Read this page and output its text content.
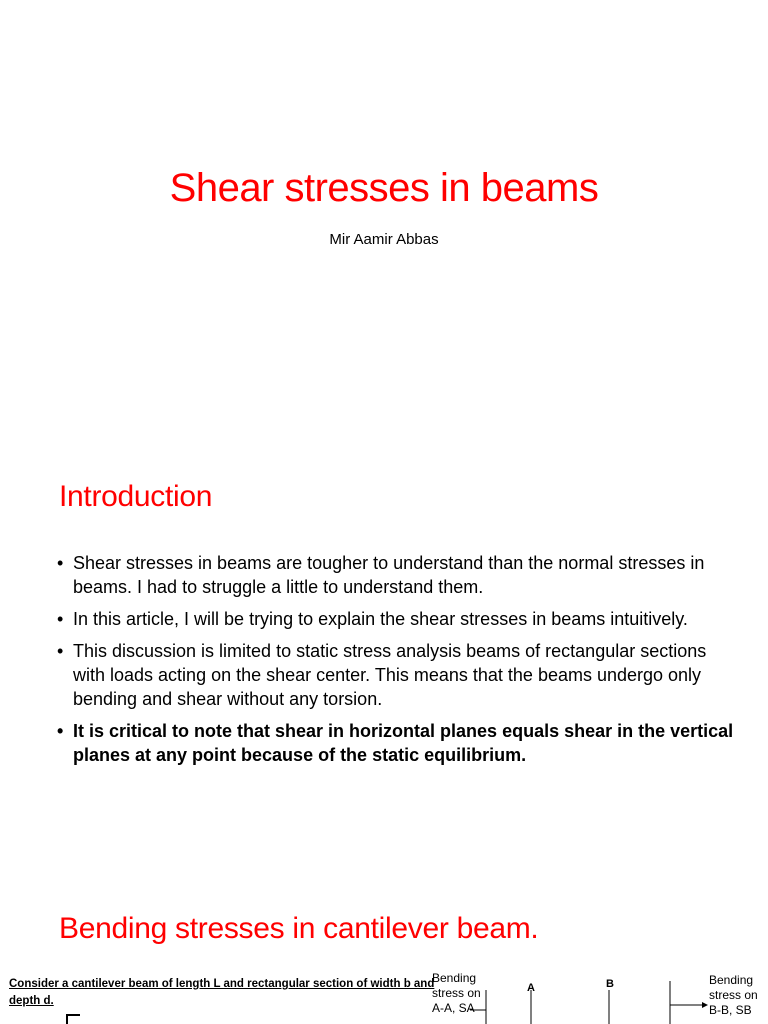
Shear stresses in beams
Mir Aamir Abbas
Introduction
• Shear stresses in beams are tougher to understand than the normal stresses in beams. I had to struggle a little to understand them.
• In this article, I will be trying to explain the shear stresses in beams intuitively.
• This discussion is limited to static stress analysis beams of rectangular sections with loads acting on the shear center. This means that the beams undergo only bending and shear without any torsion.
• It is critical to note that shear in horizontal planes equals shear in the vertical planes at any point because of the static equilibrium.
Bending stresses in cantilever beam.
Consider a cantilever beam of length L and rectangular section of width b and depth d.
Bending stress on A-A, SA
A	B	Bending stress on B-B, SB
